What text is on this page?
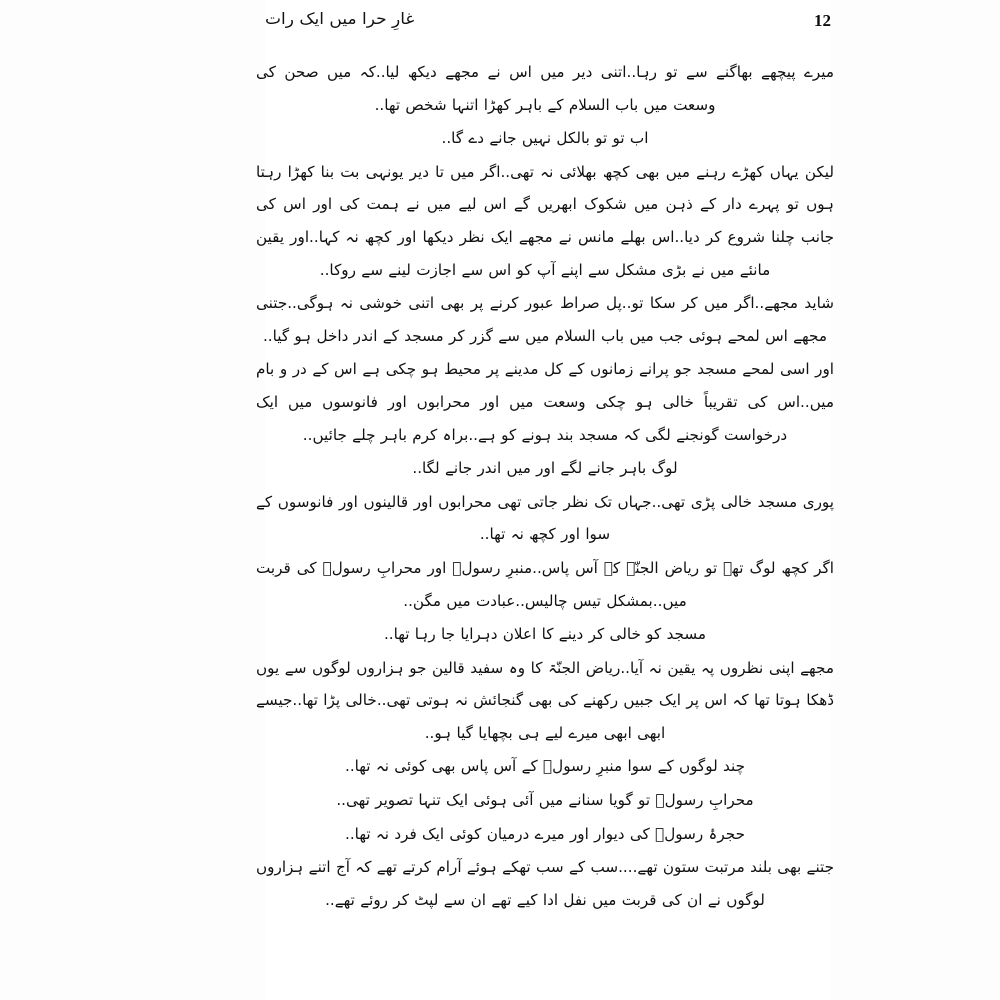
غارِ حرا میں ایک رات	12

میرے پیچھے بھاگنے سے تو رہا..اتنی دیر میں اس نے مجھے دیکھ لیا..کہ میں صحن کی وسعت میں باب السلام کے باہر کھڑا اتنہا شخص تھا..

اب تو تو بالکل نہیں جانے دے گا..

لیکن یہاں کھڑے رہنے میں بھی کچھ بھلائی نہ تھی..اگر میں تا دیر یونہی بت بنا کھڑا رہتا ہوں تو پہرے دار کے ذہن میں شکوک ابھریں گے اس لیے میں نے ہمت کی اور اس کی جانب چلنا شروع کر دیا..اس بھلے مانس نے مجھے ایک نظر دیکھا اور کچھ نہ کہا..اور یقین مانئے میں نے بڑی مشکل سے اپنے آپ کو اس سے اجازت لینے سے روکا..

شاید مجھے..اگر میں کر سکا تو..پل صراط عبور کرنے پر بھی اتنی خوشی نہ ہوگی..جتنی مجھے اس لمحے ہوئی جب میں باب السلام میں سے گزر کر مسجد کے اندر داخل ہو گیا..

اور اسی لمحے مسجد جو پرانے زمانوں کے کل مدینے پر محیط ہو چکی ہے اس کے در و بام میں..اس کی تقریباً خالی ہو چکی وسعت میں اور محرابوں اور فانوسوں میں ایک درخواست گونجنے لگی کہ مسجد بند ہونے کو ہے..براہ کرم باہر چلے جائیں..

لوگ باہر جانے لگے اور میں اندر جانے لگا..

پوری مسجد خالی پڑی تھی..جہاں تک نظر جاتی تھی محرابوں اور قالینوں اور فانوسوں کے سوا اور کچھ نہ تھا..

اگر کچھ لوگ تھے تو ریاض الجنّۃ کے آس پاس..منبرِ رسولؐ اور محرابِ رسولؐ کی قربت میں..بمشکل تیس چالیس..عبادت میں مگن..

مسجد کو خالی کر دینے کا اعلان دہرایا جا رہا تھا..

مجھے اپنی نظروں پہ یقین نہ آیا..ریاض الجنّۃ کا وہ سفید قالین جو ہزاروں لوگوں سے یوں ڈھکا ہوتا تھا کہ اس پر ایک جبیں رکھنے کی بھی گنجائش نہ ہوتی تھی..خالی پڑا تھا..جیسے ابھی ابھی میرے لیے ہی بچھایا گیا ہو..

چند لوگوں کے سوا منبرِ رسولؐ کے آس پاس بھی کوئی نہ تھا..

محرابِ رسولؐ تو گویا سنانے میں آئی ہوئی ایک تنہا تصویر تھی..

حجرۂ رسولؐ کی دیوار اور میرے درمیان کوئی ایک فرد نہ تھا..

جتنے بھی بلند مرتبت ستون تھے....سب کے سب تھکے ہوئے آرام کرتے تھے کہ آج اتنے ہزاروں لوگوں نے ان کی قربت میں نفل ادا کیے تھے ان سے لپٹ کر روئے تھے..
